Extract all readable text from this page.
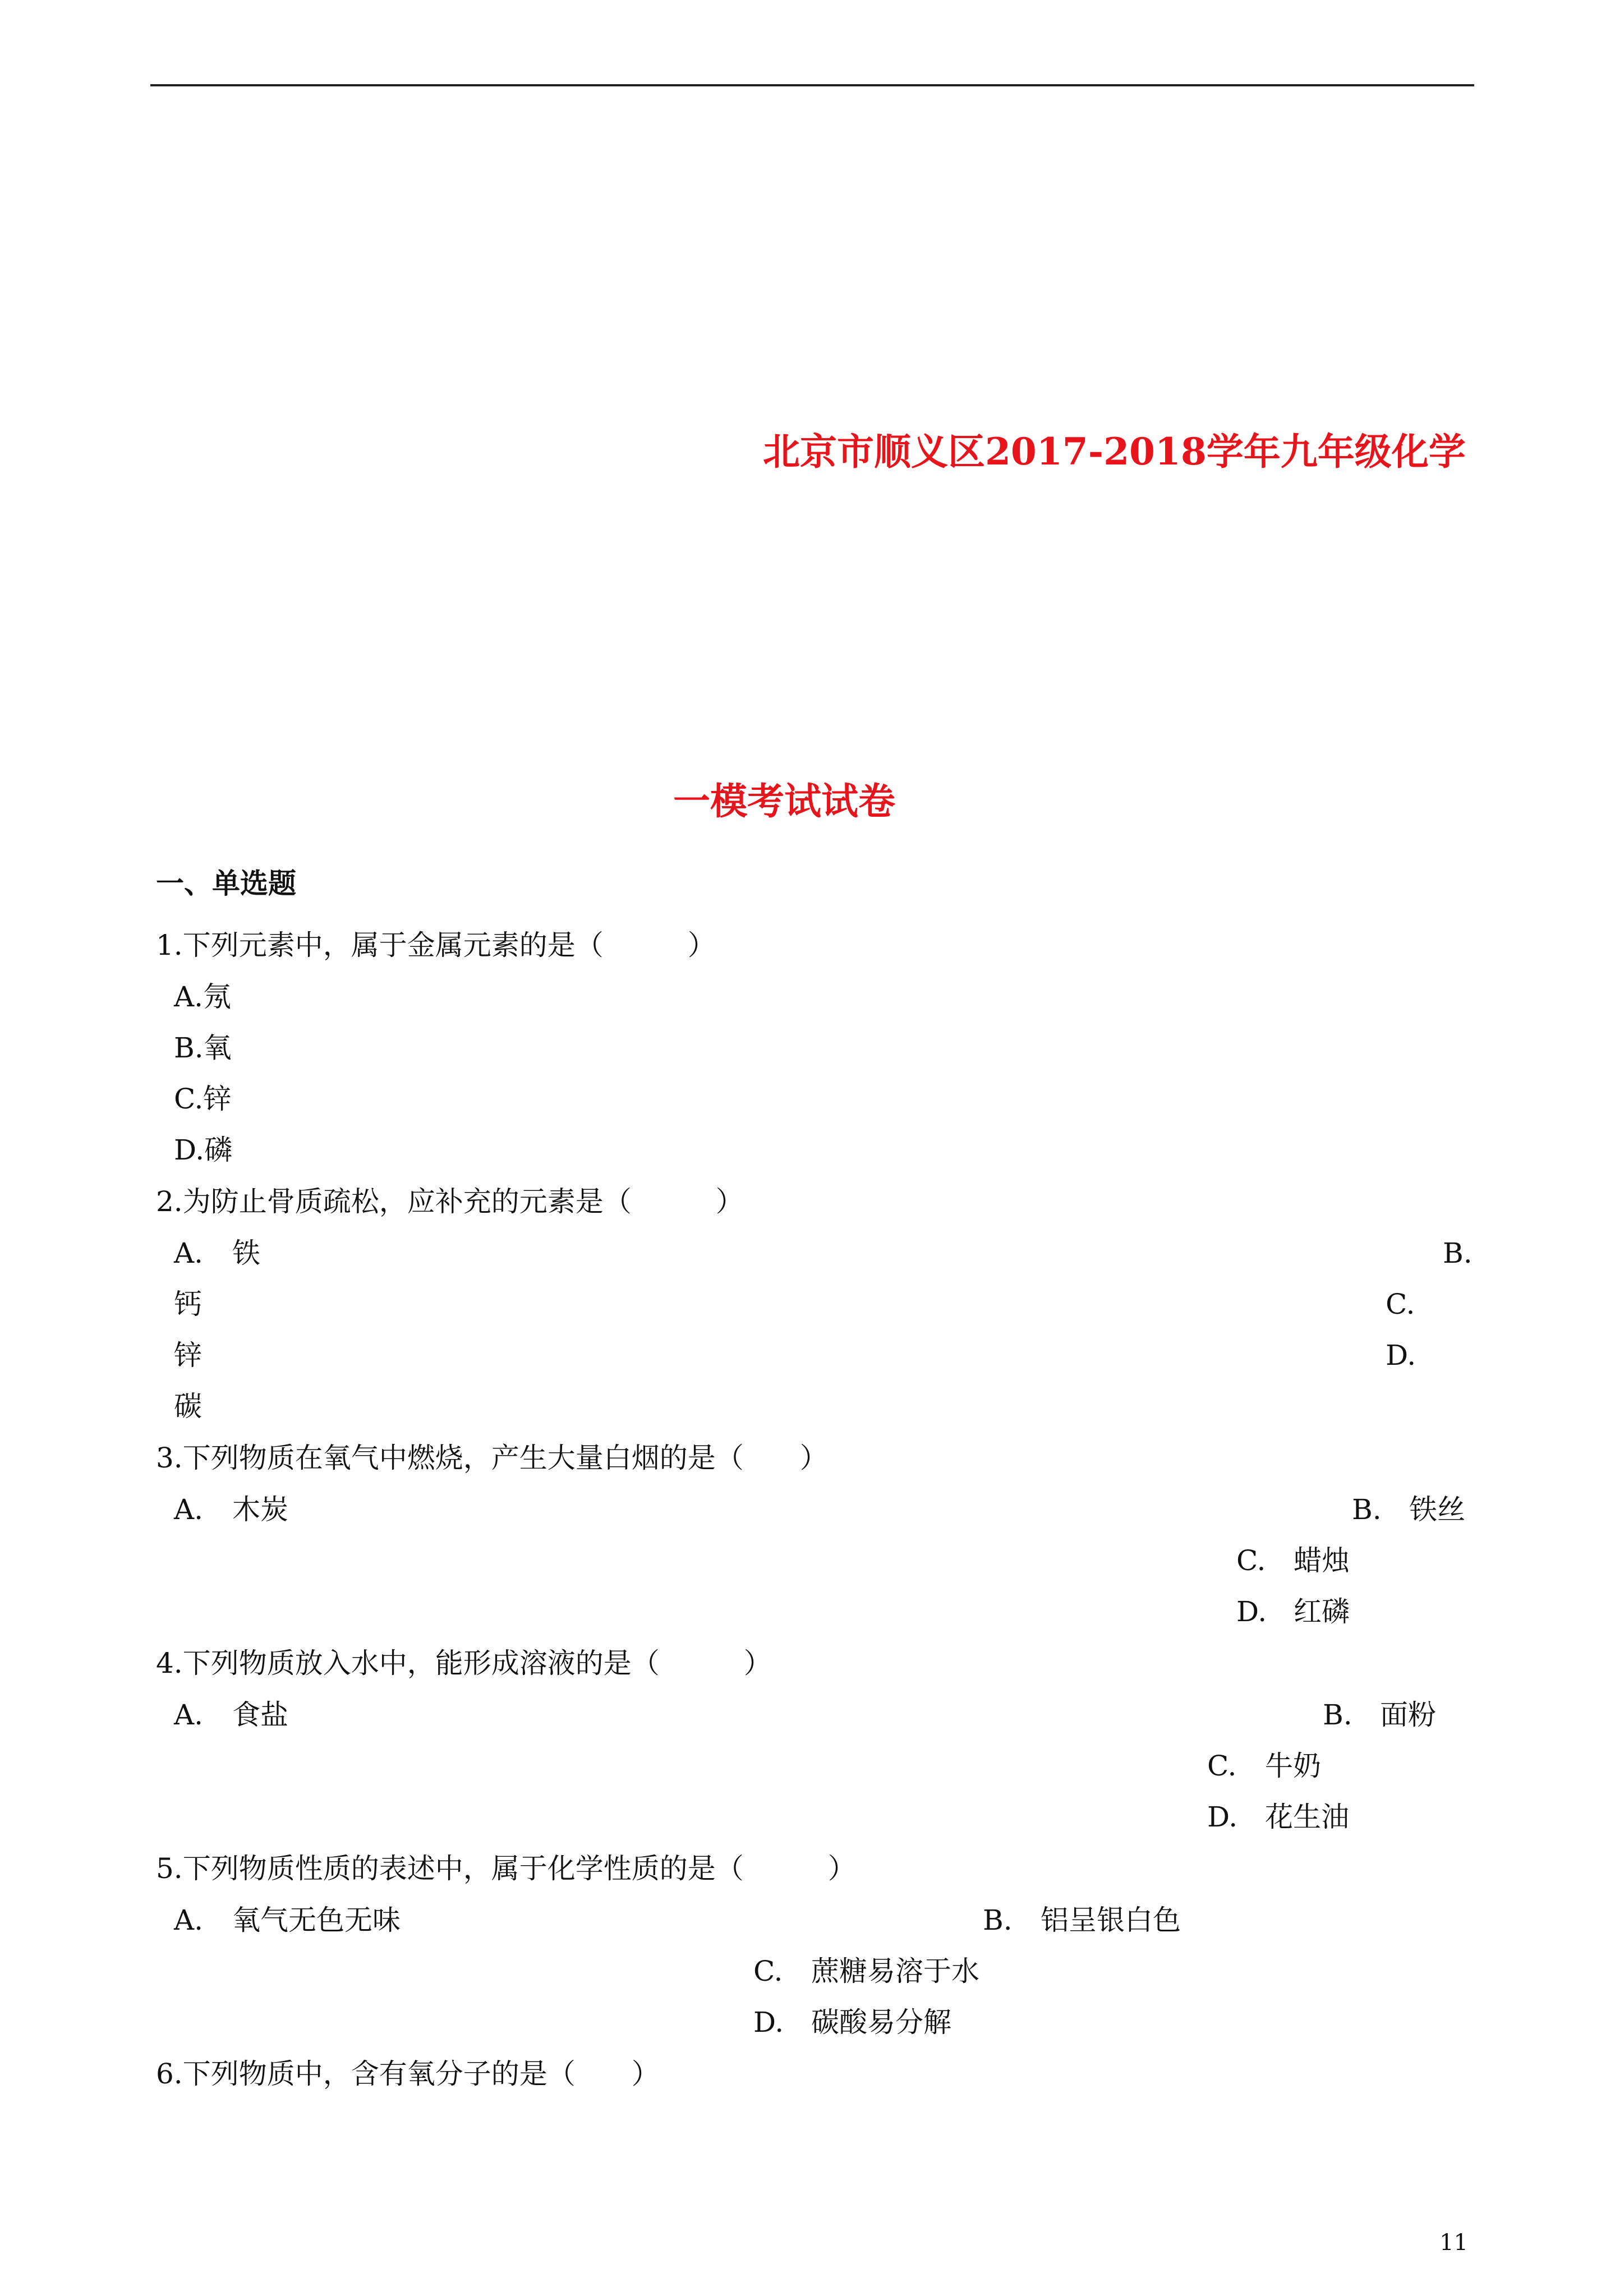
北京市顺义区2017-2018学年九年级化学
一模考试试卷
一、单选题
1.下列元素中，属于金属元素的是（　　　）
A.氖
B.氧
C.锌
D.磷
2.为防止骨质疏松，应补充的元素是（　　　）
A. 铁	B.
钙	C.
锌	D.
碳
3.下列物质在氧气中燃烧，产生大量白烟的是（　　）
A. 木炭	B. 铁丝
C. 蜡烛
D. 红磷
4.下列物质放入水中，能形成溶液的是（　　　）
A. 食盐	B. 面粉
C. 牛奶
D. 花生油
5.下列物质性质的表述中，属于化学性质的是（　　　）
A. 氧气无色无味	B. 铝呈银白色
C. 蔗糖易溶于水
D. 碳酸易分解
6.下列物质中，含有氧分子的是（　　）
11
